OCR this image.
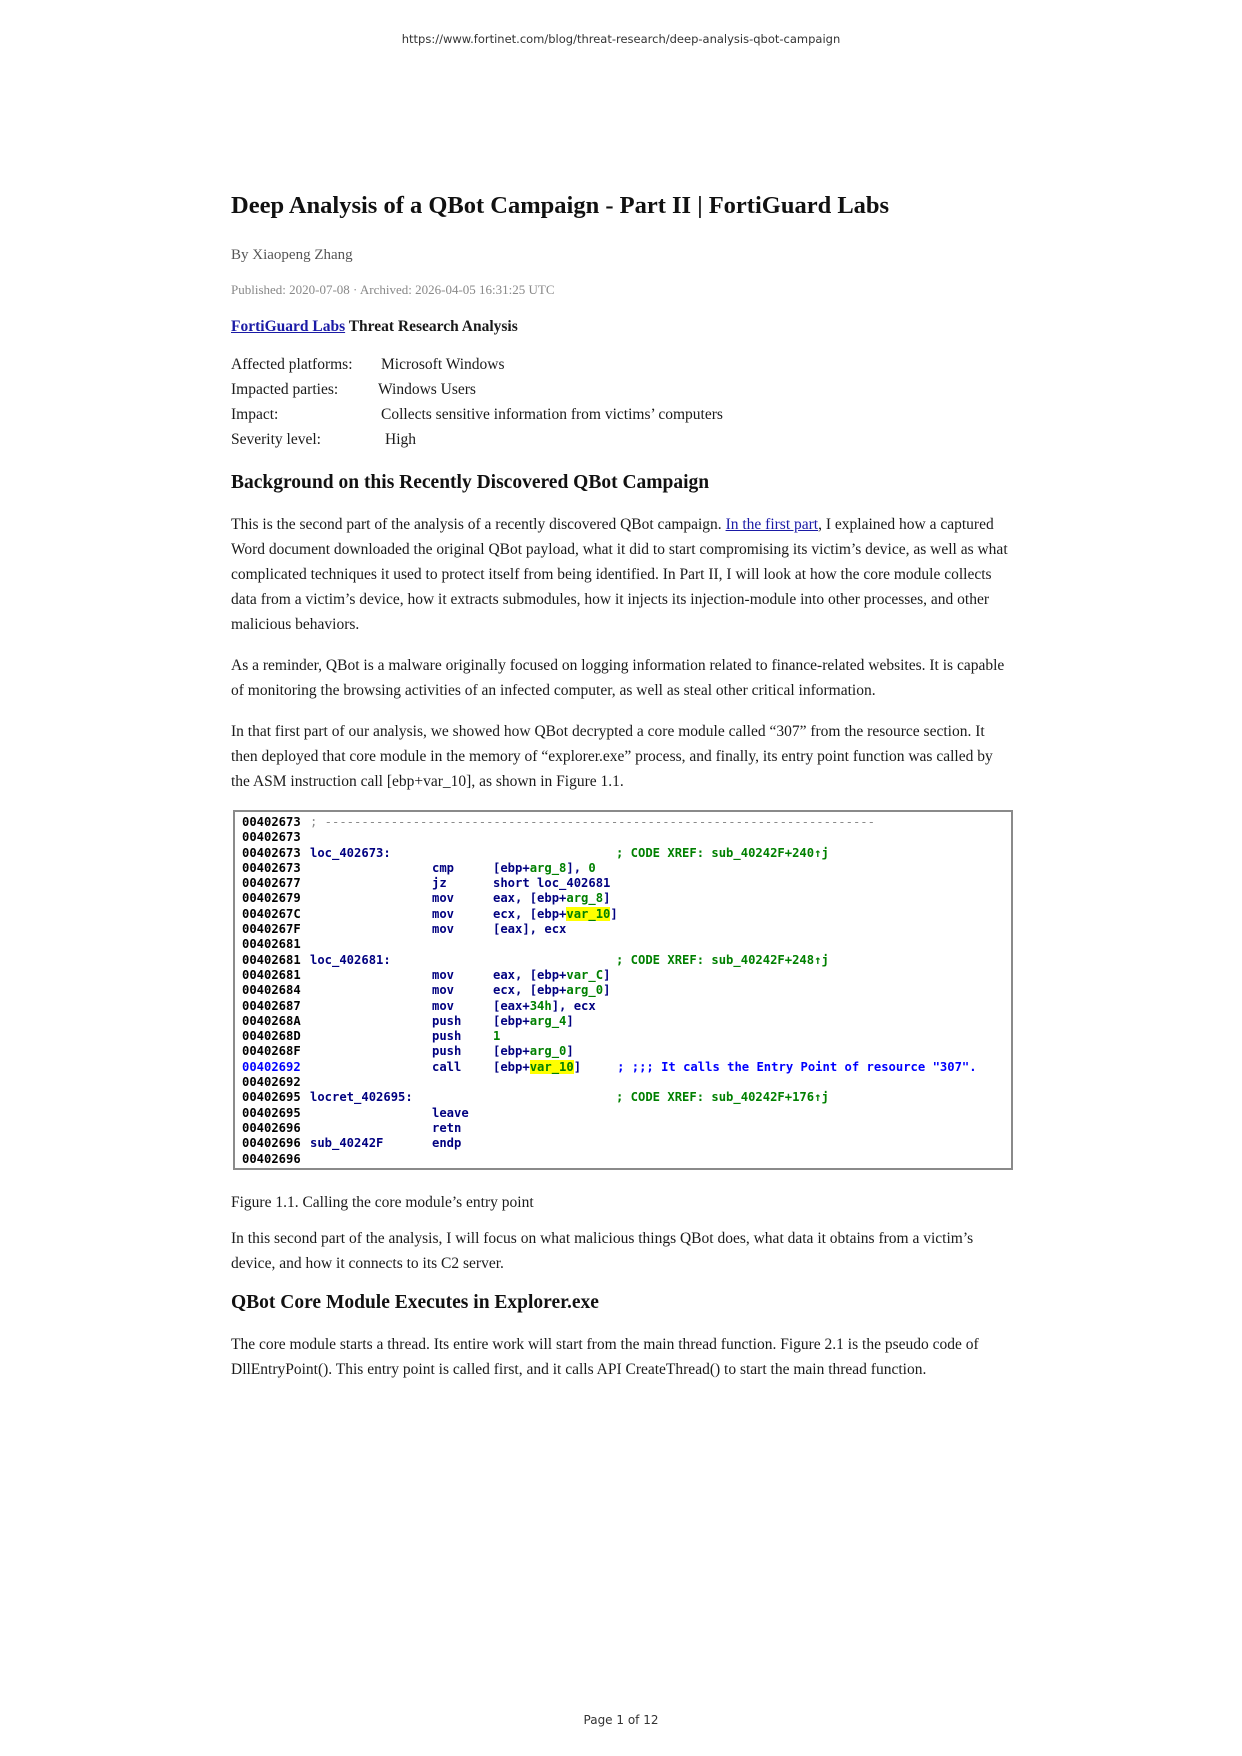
https://www.fortinet.com/blog/threat-research/deep-analysis-qbot-campaign
Deep Analysis of a QBot Campaign - Part II | FortiGuard Labs
By Xiaopeng Zhang
Published: 2020-07-08 · Archived: 2026-04-05 16:31:25 UTC
FortiGuard Labs Threat Research Analysis
Affected platforms:	Microsoft Windows
Impacted parties:	Windows Users
Impact:	Collects sensitive information from victims’ computers
Severity level:	High
Background on this Recently Discovered QBot Campaign

This is the second part of the analysis of a recently discovered QBot campaign. In the first part, I explained how a captured Word document downloaded the original QBot payload, what it did to start compromising its victim’s device, as well as what complicated techniques it used to protect itself from being identified. In Part II, I will look at how the core module collects data from a victim’s device, how it extracts submodules, how it injects its injection-module into other processes, and other malicious behaviors.

As a reminder, QBot is a malware originally focused on logging information related to finance-related websites. It is capable of monitoring the browsing activities of an infected computer, as well as steal other critical information.

In that first part of our analysis, we showed how QBot decrypted a core module called “307” from the resource section. It then deployed that core module in the memory of “explorer.exe” process, and finally, its entry point function was called by the ASM instruction call [ebp+var_10], as shown in Figure 1.1.

00402673 ; ---------------------------------------------------------------------------
00402673
00402673 loc_402673:	; CODE XREF: sub_40242F+240↑j
00402673	cmp	[ebp+arg_8], 0
00402677	jz	short loc_402681
00402679	mov	eax, [ebp+arg_8]
0040267C	mov	ecx, [ebp+var_10]
0040267F	mov	[eax], ecx
00402681
00402681 loc_402681:	; CODE XREF: sub_40242F+248↑j
00402681	mov	eax, [ebp+var_C]
00402684	mov	ecx, [ebp+arg_0]
00402687	mov	[eax+34h], ecx
0040268A	push	[ebp+arg_4]
0040268D	push	1
0040268F	push	[ebp+arg_0]
00402692	call	[ebp+var_10]	; ;;; It calls the Entry Point of resource "307".
00402692
00402695 locret_402695:	; CODE XREF: sub_40242F+176↑j
00402695	leave
00402696	retn
00402696 sub_40242F	endp
00402696
Figure 1.1. Calling the core module’s entry point

In this second part of the analysis, I will focus on what malicious things QBot does, what data it obtains from a victim’s device, and how it connects to its C2 server.

QBot Core Module Executes in Explorer.exe

The core module starts a thread. Its entire work will start from the main thread function. Figure 2.1 is the pseudo code of DllEntryPoint(). This entry point is called first, and it calls API CreateThread() to start the main thread function.

Page 1 of 12
